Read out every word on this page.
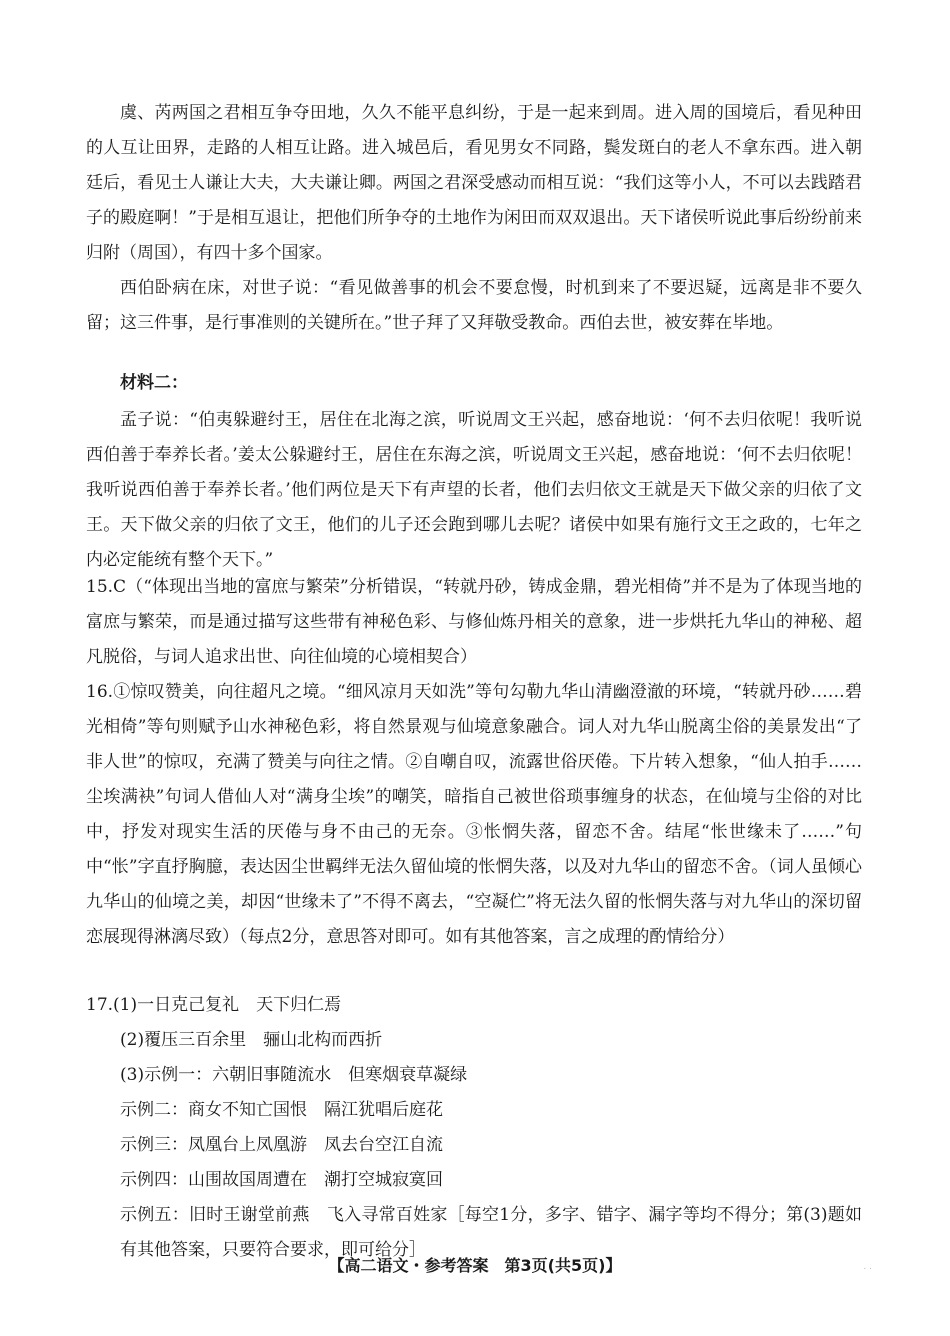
虞、芮两国之君相互争夺田地，久久不能平息纠纷，于是一起来到周。进入周的国境后，看见种田的人互让田界，走路的人相互让路。进入城邑后，看见男女不同路，鬓发斑白的老人不拿东西。进入朝廷后，看见士人谦让大夫，大夫谦让卿。两国之君深受感动而相互说：“我们这等小人，不可以去践踏君子的殿庭啊！”于是相互退让，把他们所争夺的土地作为闲田而双双退出。天下诸侯听说此事后纷纷前来归附（周国），有四十多个国家。

西伯卧病在床，对世子说：“看见做善事的机会不要怠慢，时机到来了不要迟疑，远离是非不要久留；这三件事，是行事准则的关键所在。”世子拜了又拜敬受教命。西伯去世，被安葬在毕地。

材料二：

孟子说：“伯夷躲避纣王，居住在北海之滨，听说周文王兴起，感奋地说：‘何不去归依呢！我听说西伯善于奉养长者。’姜太公躲避纣王，居住在东海之滨，听说周文王兴起，感奋地说：‘何不去归依呢！我听说西伯善于奉养长者。’他们两位是天下有声望的长者，他们去归依文王就是天下做父亲的归依了文王。天下做父亲的归依了文王，他们的儿子还会跑到哪儿去呢？诸侯中如果有施行文王之政的，七年之内必定能统有整个天下。”

15.C（“体现出当地的富庶与繁荣”分析错误，“转就丹砂，铸成金鼎，碧光相倚”并不是为了体现当地的富庶与繁荣，而是通过描写这些带有神秘色彩、与修仙炼丹相关的意象，进一步烘托九华山的神秘、超凡脱俗，与词人追求出世、向往仙境的心境相契合）
16.①惊叹赞美，向往超凡之境。“细风凉月天如洗”等句勾勒九华山清幽澄澈的环境，“转就丹砂……碧光相倚”等句则赋予山水神秘色彩，将自然景观与仙境意象融合。词人对九华山脱离尘俗的美景发出“了非人世”的惊叹，充满了赞美与向往之情。②自嘲自叹，流露世俗厌倦。下片转入想象，“仙人拍手……尘埃满袂”句词人借仙人对“满身尘埃”的嘲笑，暗指自己被世俗琐事缠身的状态，在仙境与尘俗的对比中，抒发对现实生活的厌倦与身不由己的无奈。③怅惘失落，留恋不舍。结尾“怅世缘未了……”句中“怅”字直抒胸臆，表达因尘世羁绊无法久留仙境的怅惘失落，以及对九华山的留恋不舍。（词人虽倾心九华山的仙境之美，却因“世缘未了”不得不离去，“空凝伫”将无法久留的怅惘失落与对九华山的深切留恋展现得淋漓尽致）（每点2分，意思答对即可。如有其他答案，言之成理的酌情给分）
17.(1)一日克己复礼　天下归仁焉
(2)覆压三百余里　骊山北构而西折
(3)示例一：六朝旧事随流水　但寒烟衰草凝绿
示例二：商女不知亡国恨　隔江犹唱后庭花
示例三：凤凰台上凤凰游　凤去台空江自流
示例四：山围故国周遭在　潮打空城寂寞回
示例五：旧时王谢堂前燕　飞入寻常百姓家［每空1分，多字、错字、漏字等均不得分；第(3)题如有其他答案，只要符合要求，即可给分］
【高二语文・参考答案　第3页(共5页)】	. .
